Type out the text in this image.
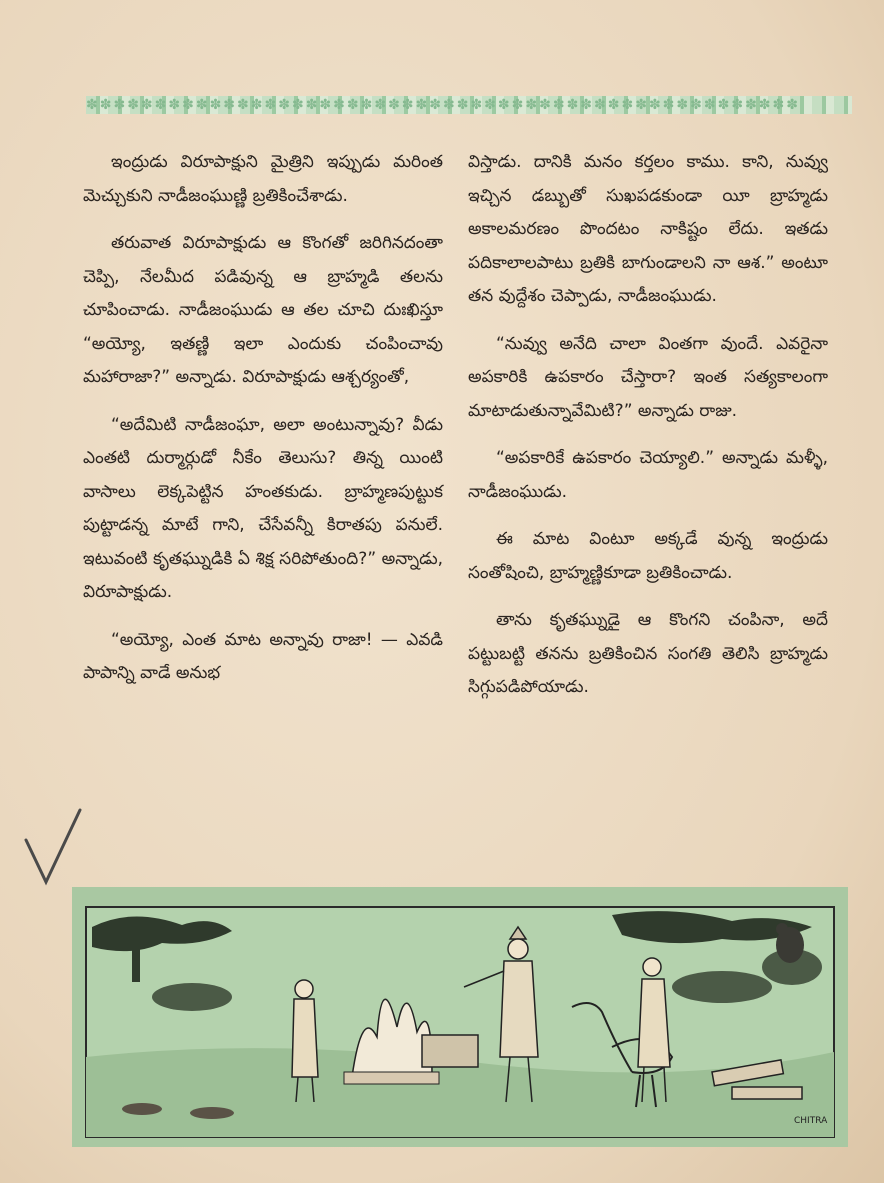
✽✽✽✽✽✽✽✽✽✽✽✽✽✽✽✽✽✽✽✽✽✽✽✽✽✽✽✽✽✽✽✽✽✽✽✽✽✽✽✽✽✽✽✽✽✽✽✽✽✽✽✽

ఇంద్రుడు విరూపాక్షుని మైత్రిని ఇప్పుడు మరింత మెచ్చుకుని నాడీజంఘుణ్ణి బ్రతికించేశాడు.

తరువాత విరూపాక్షుడు ఆ కొంగతో జరిగినదంతా చెప్పి, నేలమీద పడివున్న ఆ బ్రాహ్మడి తలను చూపించాడు. నాడీజంఘుడు ఆ తల చూచి దుఃఖిస్తూ “అయ్యో, ఇతణ్ణి ఇలా ఎందుకు చంపించావు మహారాజా?” అన్నాడు. విరూపాక్షుడు ఆశ్చర్యంతో,

“అదేమిటి నాడీజంఘా, అలా అంటున్నావు? వీడు ఎంతటి దుర్మార్గుడో నీకేం తెలుసు? తిన్న యింటి వాసాలు లెక్కపెట్టిన హంతకుడు. బ్రాహ్మణపుట్టుక పుట్టాడన్న మాటే గాని, చేసేవన్నీ కిరాతపు పనులే. ఇటువంటి కృతఘ్నుడికి ఏ శిక్ష సరిపోతుంది?” అన్నాడు, విరూపాక్షుడు.

“అయ్యో, ఎంత మాట అన్నావు రాజా! — ఎవడి పాపాన్ని వాడే అనుభ

విస్తాడు. దానికి మనం కర్తలం కాము. కాని, నువ్వు ఇచ్చిన డబ్బుతో సుఖపడకుండా యీ బ్రాహ్మడు అకాలమరణం పొందటం నాకిష్టం లేదు. ఇతడు పదికాలాలపాటు బ్రతికి బాగుండాలని నా ఆశ.” అంటూ తన వుద్దేశం చెప్పాడు, నాడీజంఘుడు.

“నువ్వు అనేది చాలా వింతగా వుందే. ఎవరైనా అపకారికి ఉపకారం చేస్తారా? ఇంత సత్యకాలంగా మాటాడుతున్నావేమిటి?” అన్నాడు రాజు.

“అపకారికే ఉపకారం చెయ్యాలి.” అన్నాడు మళ్ళీ, నాడీజంఘుడు.

ఈ మాట వింటూ అక్కడే వున్న ఇంద్రుడు సంతోషించి, బ్రాహ్మణ్ణికూడా బ్రతికించాడు.

తాను కృతఘ్నుడై ఆ కొంగని చంపినా, అదే పట్టుబట్టి తనను బ్రతికించిన సంగతి తెలిసి బ్రాహ్మడు సిగ్గుపడిపోయాడు.

CHITRA
